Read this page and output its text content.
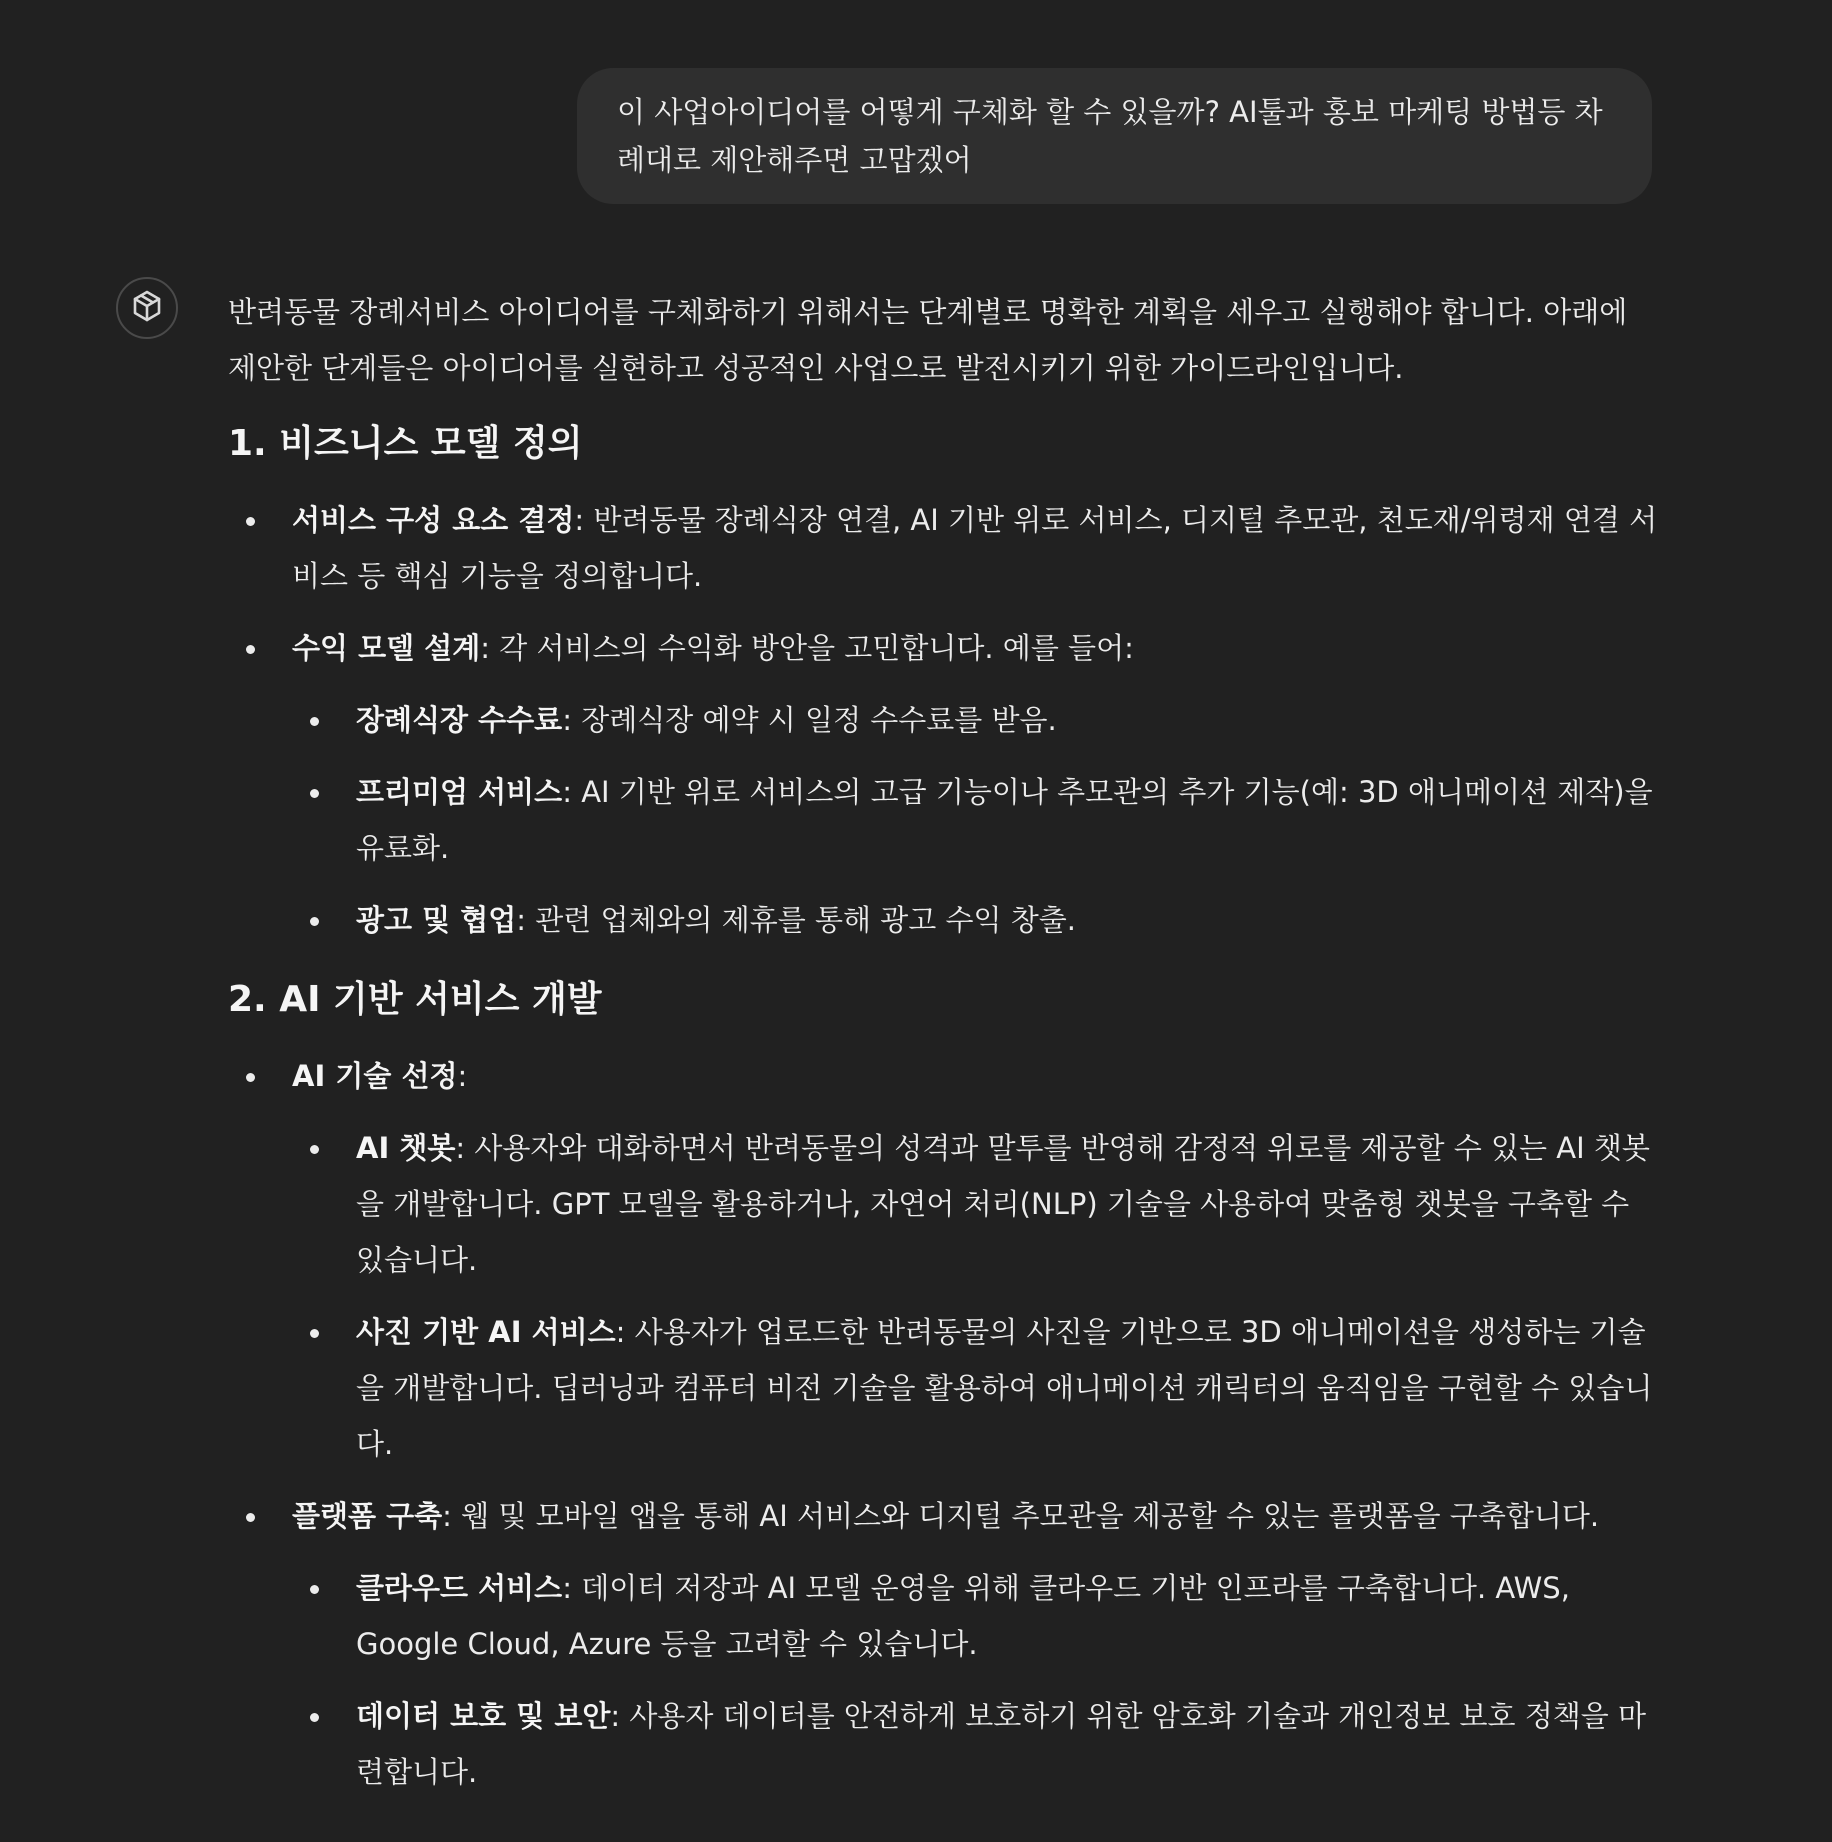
이 사업아이디어를 어떻게 구체화 할 수 있을까? AI툴과 홍보 마케팅 방법등 차례대로 제안해주면 고맙겠어

반려동물 장례서비스 아이디어를 구체화하기 위해서는 단계별로 명확한 계획을 세우고 실행해야 합니다. 아래에 제안한 단계들은 아이디어를 실현하고 성공적인 사업으로 발전시키기 위한 가이드라인입니다.

1. 비즈니스 모델 정의
서비스 구성 요소 결정: 반려동물 장례식장 연결, AI 기반 위로 서비스, 디지털 추모관, 천도재/위령재 연결 서비스 등 핵심 기능을 정의합니다.
수익 모델 설계: 각 서비스의 수익화 방안을 고민합니다. 예를 들어:
장례식장 수수료: 장례식장 예약 시 일정 수수료를 받음.
프리미엄 서비스: AI 기반 위로 서비스의 고급 기능이나 추모관의 추가 기능(예: 3D 애니메이션 제작)을 유료화.
광고 및 협업: 관련 업체와의 제휴를 통해 광고 수익 창출.
2. AI 기반 서비스 개발
AI 기술 선정:
AI 챗봇: 사용자와 대화하면서 반려동물의 성격과 말투를 반영해 감정적 위로를 제공할 수 있는 AI 챗봇을 개발합니다. GPT 모델을 활용하거나, 자연어 처리(NLP) 기술을 사용하여 맞춤형 챗봇을 구축할 수 있습니다.
사진 기반 AI 서비스: 사용자가 업로드한 반려동물의 사진을 기반으로 3D 애니메이션을 생성하는 기술을 개발합니다. 딥러닝과 컴퓨터 비전 기술을 활용하여 애니메이션 캐릭터의 움직임을 구현할 수 있습니다.
플랫폼 구축: 웹 및 모바일 앱을 통해 AI 서비스와 디지털 추모관을 제공할 수 있는 플랫폼을 구축합니다.
클라우드 서비스: 데이터 저장과 AI 모델 운영을 위해 클라우드 기반 인프라를 구축합니다. AWS, Google Cloud, Azure 등을 고려할 수 있습니다.
데이터 보호 및 보안: 사용자 데이터를 안전하게 보호하기 위한 암호화 기술과 개인정보 보호 정책을 마련합니다.
